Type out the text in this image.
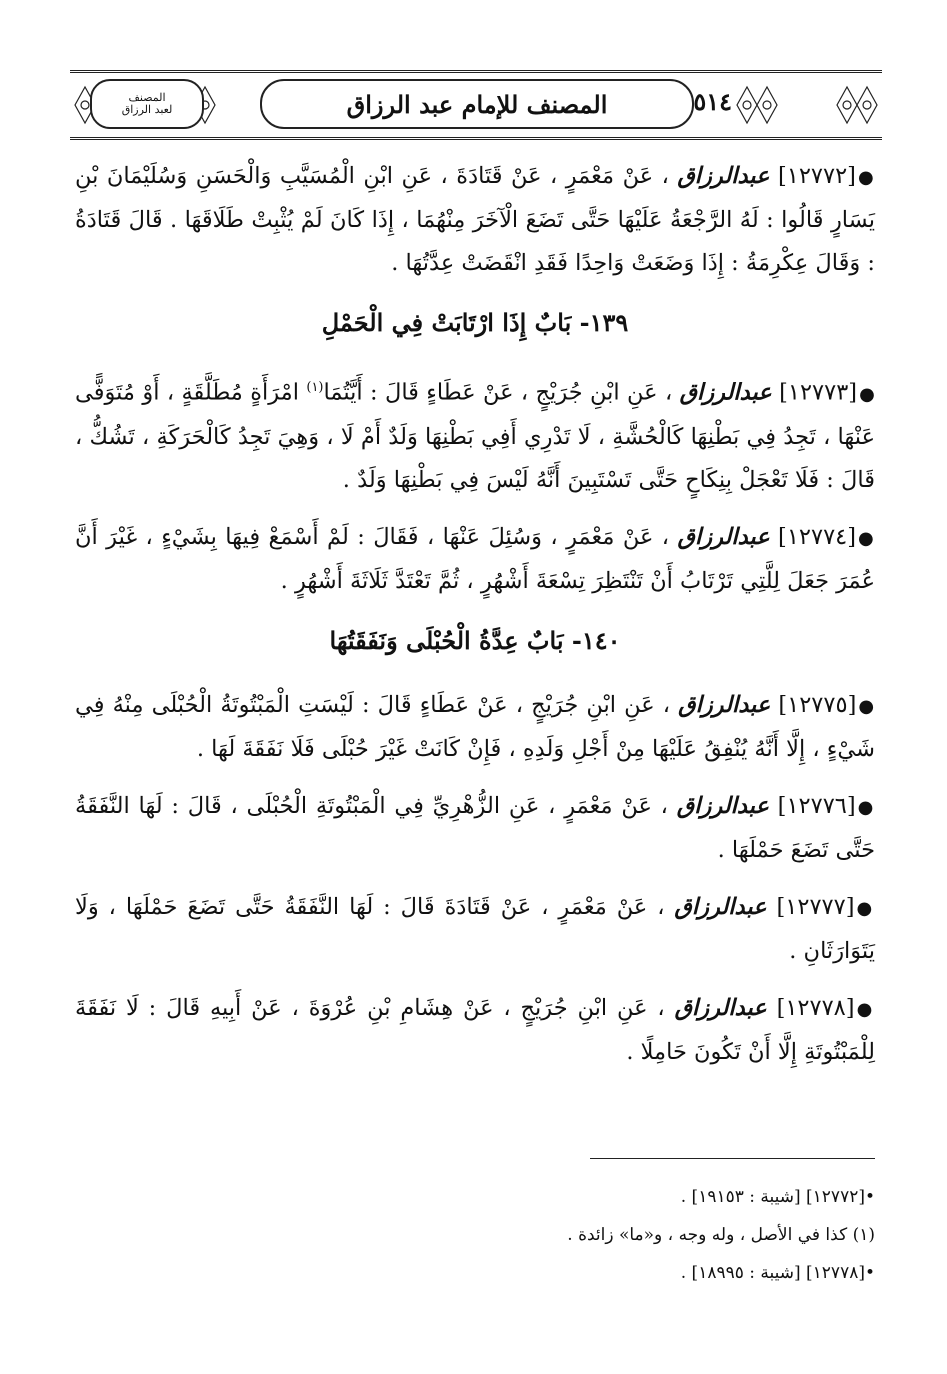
المصنف
لعبد الرزاق	المصنف للإمام عبد الرزاق	٥١٤

●[١٢٧٧٢] عبدالرزاق ، عَنْ مَعْمَرٍ ، عَنْ قَتَادَةَ ، عَنِ ابْنِ الْمُسَيَّبِ وَالْحَسَنِ وَسُلَيْمَانَ بْنِ يَسَارٍ قَالُوا : لَهُ الرَّجْعَةُ عَلَيْهَا حَتَّى تَضَعَ الْآخَرَ مِنْهُمَا ، إِذَا كَانَ لَمْ يُثْبِتْ طَلَاقَهَا . قَالَ قَتَادَةُ : وَقَالَ عِكْرِمَةُ : إِذَا وَضَعَتْ وَاحِدًا فَقَدِ انْقَضَتْ عِدَّتُهَا .

١٣٩- بَابٌ إِذَا ارْتَابَتْ فِي الْحَمْلِ

●[١٢٧٧٣] عبدالرزاق ، عَنِ ابْنِ جُرَيْجٍ ، عَنْ عَطَاءٍ قَالَ : أَيَّتُمَا$^{(١)}$ امْرَأَةٍ مُطَلَّقَةٍ ، أَوْ مُتَوَفًّى عَنْهَا ، تَجِدُ فِي بَطْنِهَا كَالْحُشَّةِ ، لَا تَدْرِي أَفِي بَطْنِهَا وَلَدٌ أَمْ لَا ، وَهِيَ تَجِدُ كَالْحَرَكَةِ ، تَشُكُّ ، قَالَ : فَلَا تَعْجَلْ بِنِكَاحٍ حَتَّى تَسْتَبِينَ أَنَّهُ لَيْسَ فِي بَطْنِهَا وَلَدٌ .

●[١٢٧٧٤] عبدالرزاق ، عَنْ مَعْمَرٍ ، وَسُئِلَ عَنْهَا ، فَقَالَ : لَمْ أَسْمَعْ فِيهَا بِشَيْءٍ ، غَيْرَ أَنَّ عُمَرَ جَعَلَ لِلَّتِي تَرْتَابُ أَنْ تَنْتَظِرَ تِسْعَةَ أَشْهُرٍ ، ثُمَّ تَعْتَدَّ ثَلَاثَةَ أَشْهُرٍ .

١٤٠- بَابٌ عِدَّةُ الْحُبْلَى وَنَفَقَتُهَا

●[١٢٧٧٥] عبدالرزاق ، عَنِ ابْنِ جُرَيْجٍ ، عَنْ عَطَاءٍ قَالَ : لَيْسَتِ الْمَبْتُوتَةُ الْحُبْلَى مِنْهُ فِي شَيْءٍ ، إِلَّا أَنَّهُ يُنْفِقُ عَلَيْهَا مِنْ أَجْلِ وَلَدِهِ ، فَإِنْ كَانَتْ غَيْرَ حُبْلَى فَلَا نَفَقَةَ لَهَا .

●[١٢٧٧٦] عبدالرزاق ، عَنْ مَعْمَرٍ ، عَنِ الزُّهْرِيِّ فِي الْمَبْتُوتَةِ الْحُبْلَى ، قَالَ : لَهَا النَّفَقَةُ حَتَّى تَضَعَ حَمْلَهَا .

●[١٢٧٧٧] عبدالرزاق ، عَنْ مَعْمَرٍ ، عَنْ قَتَادَةَ قَالَ : لَهَا النَّفَقَةُ حَتَّى تَضَعَ حَمْلَهَا ، وَلَا يَتَوَارَثَانِ .

●[١٢٧٧٨] عبدالرزاق ، عَنِ ابْنِ جُرَيْجٍ ، عَنْ هِشَامِ بْنِ عُرْوَةَ ، عَنْ أَبِيهِ قَالَ : لَا نَفَقَةَ لِلْمَبْتُوتَةِ إِلَّا أَنْ تَكُونَ حَامِلًا .

•[١٢٧٧٢] [شيبة : ١٩١٥٣] .
(١) كذا في الأصل ، وله وجه ، و«ما» زائدة .
•[١٢٧٧٨] [شيبة : ١٨٩٩٥] .
